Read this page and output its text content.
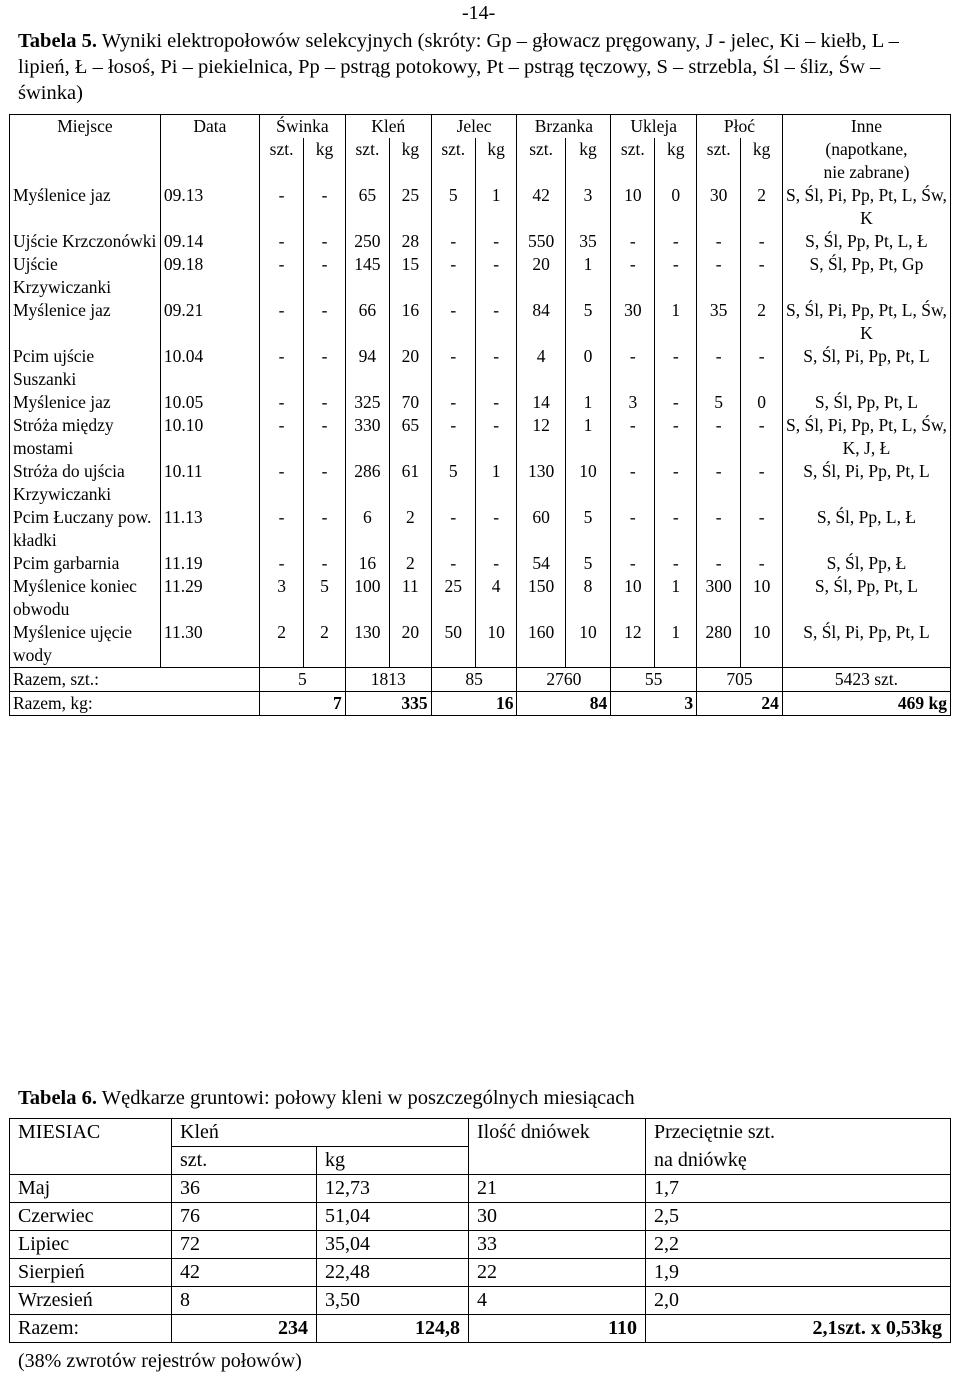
-14-
Tabela 5. Wyniki elektropołowów selekcyjnych (skróty: Gp – głowacz pręgowany, J - jelec, Ki – kiełb, L – lipień, Ł – łosoś, Pi – piekielnica, Pp – pstrąg potokowy, Pt – pstrąg tęczowy, S – strzebla, Śl – śliz, Św – świnka)
Miejsce	Data	Świnka		Kleń		Jelec		Brzanka		Ukleja		Płoć		Inne
		szt.	kg	szt.	kg	szt.	kg	szt.	kg	szt.	kg	szt.	kg	(napotkane,
nie zabrane)

Myślenice jaz	09.13	-	-	65	25	5	1	42	3	10	0	30	2	S, Śl, Pi, Pp, Pt, L, Św, K
Ujście Krzczonówki	09.14	-	-	250	28	-	-	550	35	-	-	-	-	S, Śl, Pp, Pt, L, Ł
Ujście Krzywiczanki	09.18	-	-	145	15	-	-	20	1	-	-	-	-	S, Śl, Pp, Pt, Gp
Myślenice jaz	09.21	-	-	66	16	-	-	84	5	30	1	35	2	S, Śl, Pi, Pp, Pt, L, Św, K
Pcim ujście Suszanki	10.04	-	-	94	20	-	-	4	0	-	-	-	-	S, Śl, Pi, Pp, Pt, L
Myślenice jaz	10.05	-	-	325	70	-	-	14	1	3	-	5	0	S, Śl, Pp, Pt, L
Stróża między mostami	10.10	-	-	330	65	-	-	12	1	-	-	-	-	S, Śl, Pi, Pp, Pt, L, Św, K, J, Ł
Stróża do ujścia Krzywiczanki	10.11	-	-	286	61	5	1	130	10	-	-	-	-	S, Śl, Pi, Pp, Pt, L
Pcim Łuczany pow. kładki	11.13	-	-	6	2	-	-	60	5	-	-	-	-	S, Śl, Pp, L, Ł
Pcim garbarnia	11.19	-	-	16	2	-	-	54	5	-	-	-	-	S, Śl, Pp, Ł
Myślenice koniec obwodu	11.29	3	5	100	11	25	4	150	8	10	1	300	10	S, Śl, Pp, Pt, L
Myślenice ujęcie wody	11.30	2	2	130	20	50	10	160	10	12	1	280	10	S, Śl, Pi, Pp, Pt, L
Razem, szt.:		5		1813		85		2760		55		705		5423 szt.
Razem, kg:		7		335		16		84		3		24		469 kg
Tabela 6. Wędkarze gruntowi: połowy kleni w poszczególnych miesiącach
MIESIAC	Kleń		Ilość dniówek	Przeciętnie szt.
	szt.	kg		na dniówkę
Maj	36	12,73	21	1,7
Czerwiec	76	51,04	30	2,5
Lipiec	72	35,04	33	2,2
Sierpień	42	22,48	22	1,9
Wrzesień	8	3,50	4	2,0
Razem:	234	124,8	110	2,1szt. x 0,53kg
(38% zwrotów rejestrów połowów)
